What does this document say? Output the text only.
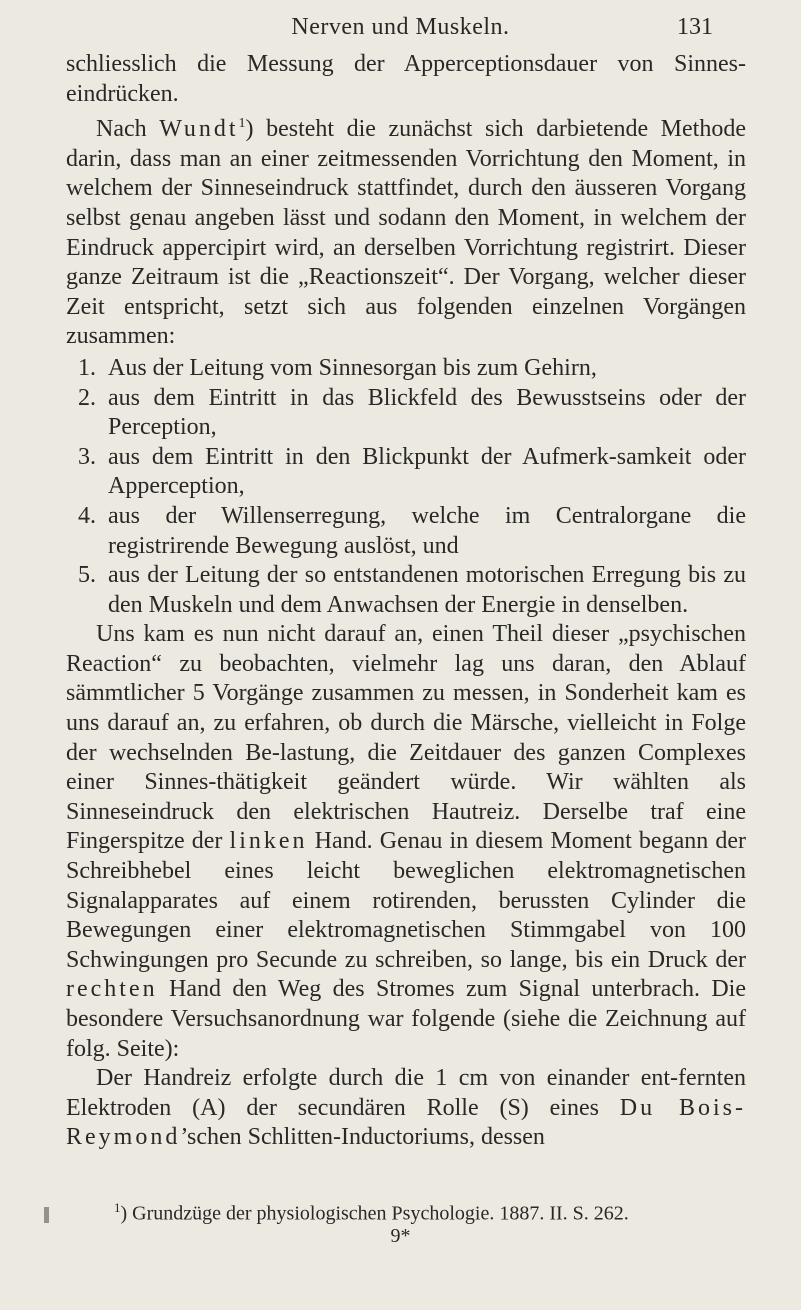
Nerven und Muskeln.	131

schliesslich die Messung der Apperceptionsdauer von Sinnes-eindrücken.

Nach Wundt$^1$) besteht die zunächst sich darbietende Methode darin, dass man an einer zeitmessenden Vorrichtung den Moment, in welchem der Sinneseindruck stattfindet, durch den äusseren Vorgang selbst genau angeben lässt und sodann den Moment, in welchem der Eindruck appercipirt wird, an derselben Vorrichtung registrirt. Dieser ganze Zeitraum ist die „Reactionszeit“. Der Vorgang, welcher dieser Zeit entspricht, setzt sich aus folgenden einzelnen Vorgängen zusammen:

1. Aus der Leitung vom Sinnesorgan bis zum Gehirn,
2. aus dem Eintritt in das Blickfeld des Bewusstseins oder der Perception,
3. aus dem Eintritt in den Blickpunkt der Aufmerk-samkeit oder Apperception,
4. aus der Willenserregung, welche im Centralorgane die registrirende Bewegung auslöst, und
5. aus der Leitung der so entstandenen motorischen Erregung bis zu den Muskeln und dem Anwachsen der Energie in denselben.

Uns kam es nun nicht darauf an, einen Theil dieser „psychischen Reaction“ zu beobachten, vielmehr lag uns daran, den Ablauf sämmtlicher 5 Vorgänge zusammen zu messen, in Sonderheit kam es uns darauf an, zu erfahren, ob durch die Märsche, vielleicht in Folge der wechselnden Be-lastung, die Zeitdauer des ganzen Complexes einer Sinnes-thätigkeit geändert würde. Wir wählten als Sinneseindruck den elektrischen Hautreiz. Derselbe traf eine Fingerspitze der linken Hand. Genau in diesem Moment begann der Schreibhebel eines leicht beweglichen elektromagnetischen Signalapparates auf einem rotirenden, berussten Cylinder die Bewegungen einer elektromagnetischen Stimmgabel von 100 Schwingungen pro Secunde zu schreiben, so lange, bis ein Druck der rechten Hand den Weg des Stromes zum Signal unterbrach. Die besondere Versuchsanordnung war folgende (siehe die Zeichnung auf folg. Seite):

Der Handreiz erfolgte durch die 1 cm von einander ent-fernten Elektroden (A) der secundären Rolle (S) eines Du Bois-Reymond’schen Schlitten-Inductoriums, dessen

$^1$) Grundzüge der physiologischen Psychologie. 1887. II. S. 262.
9*
